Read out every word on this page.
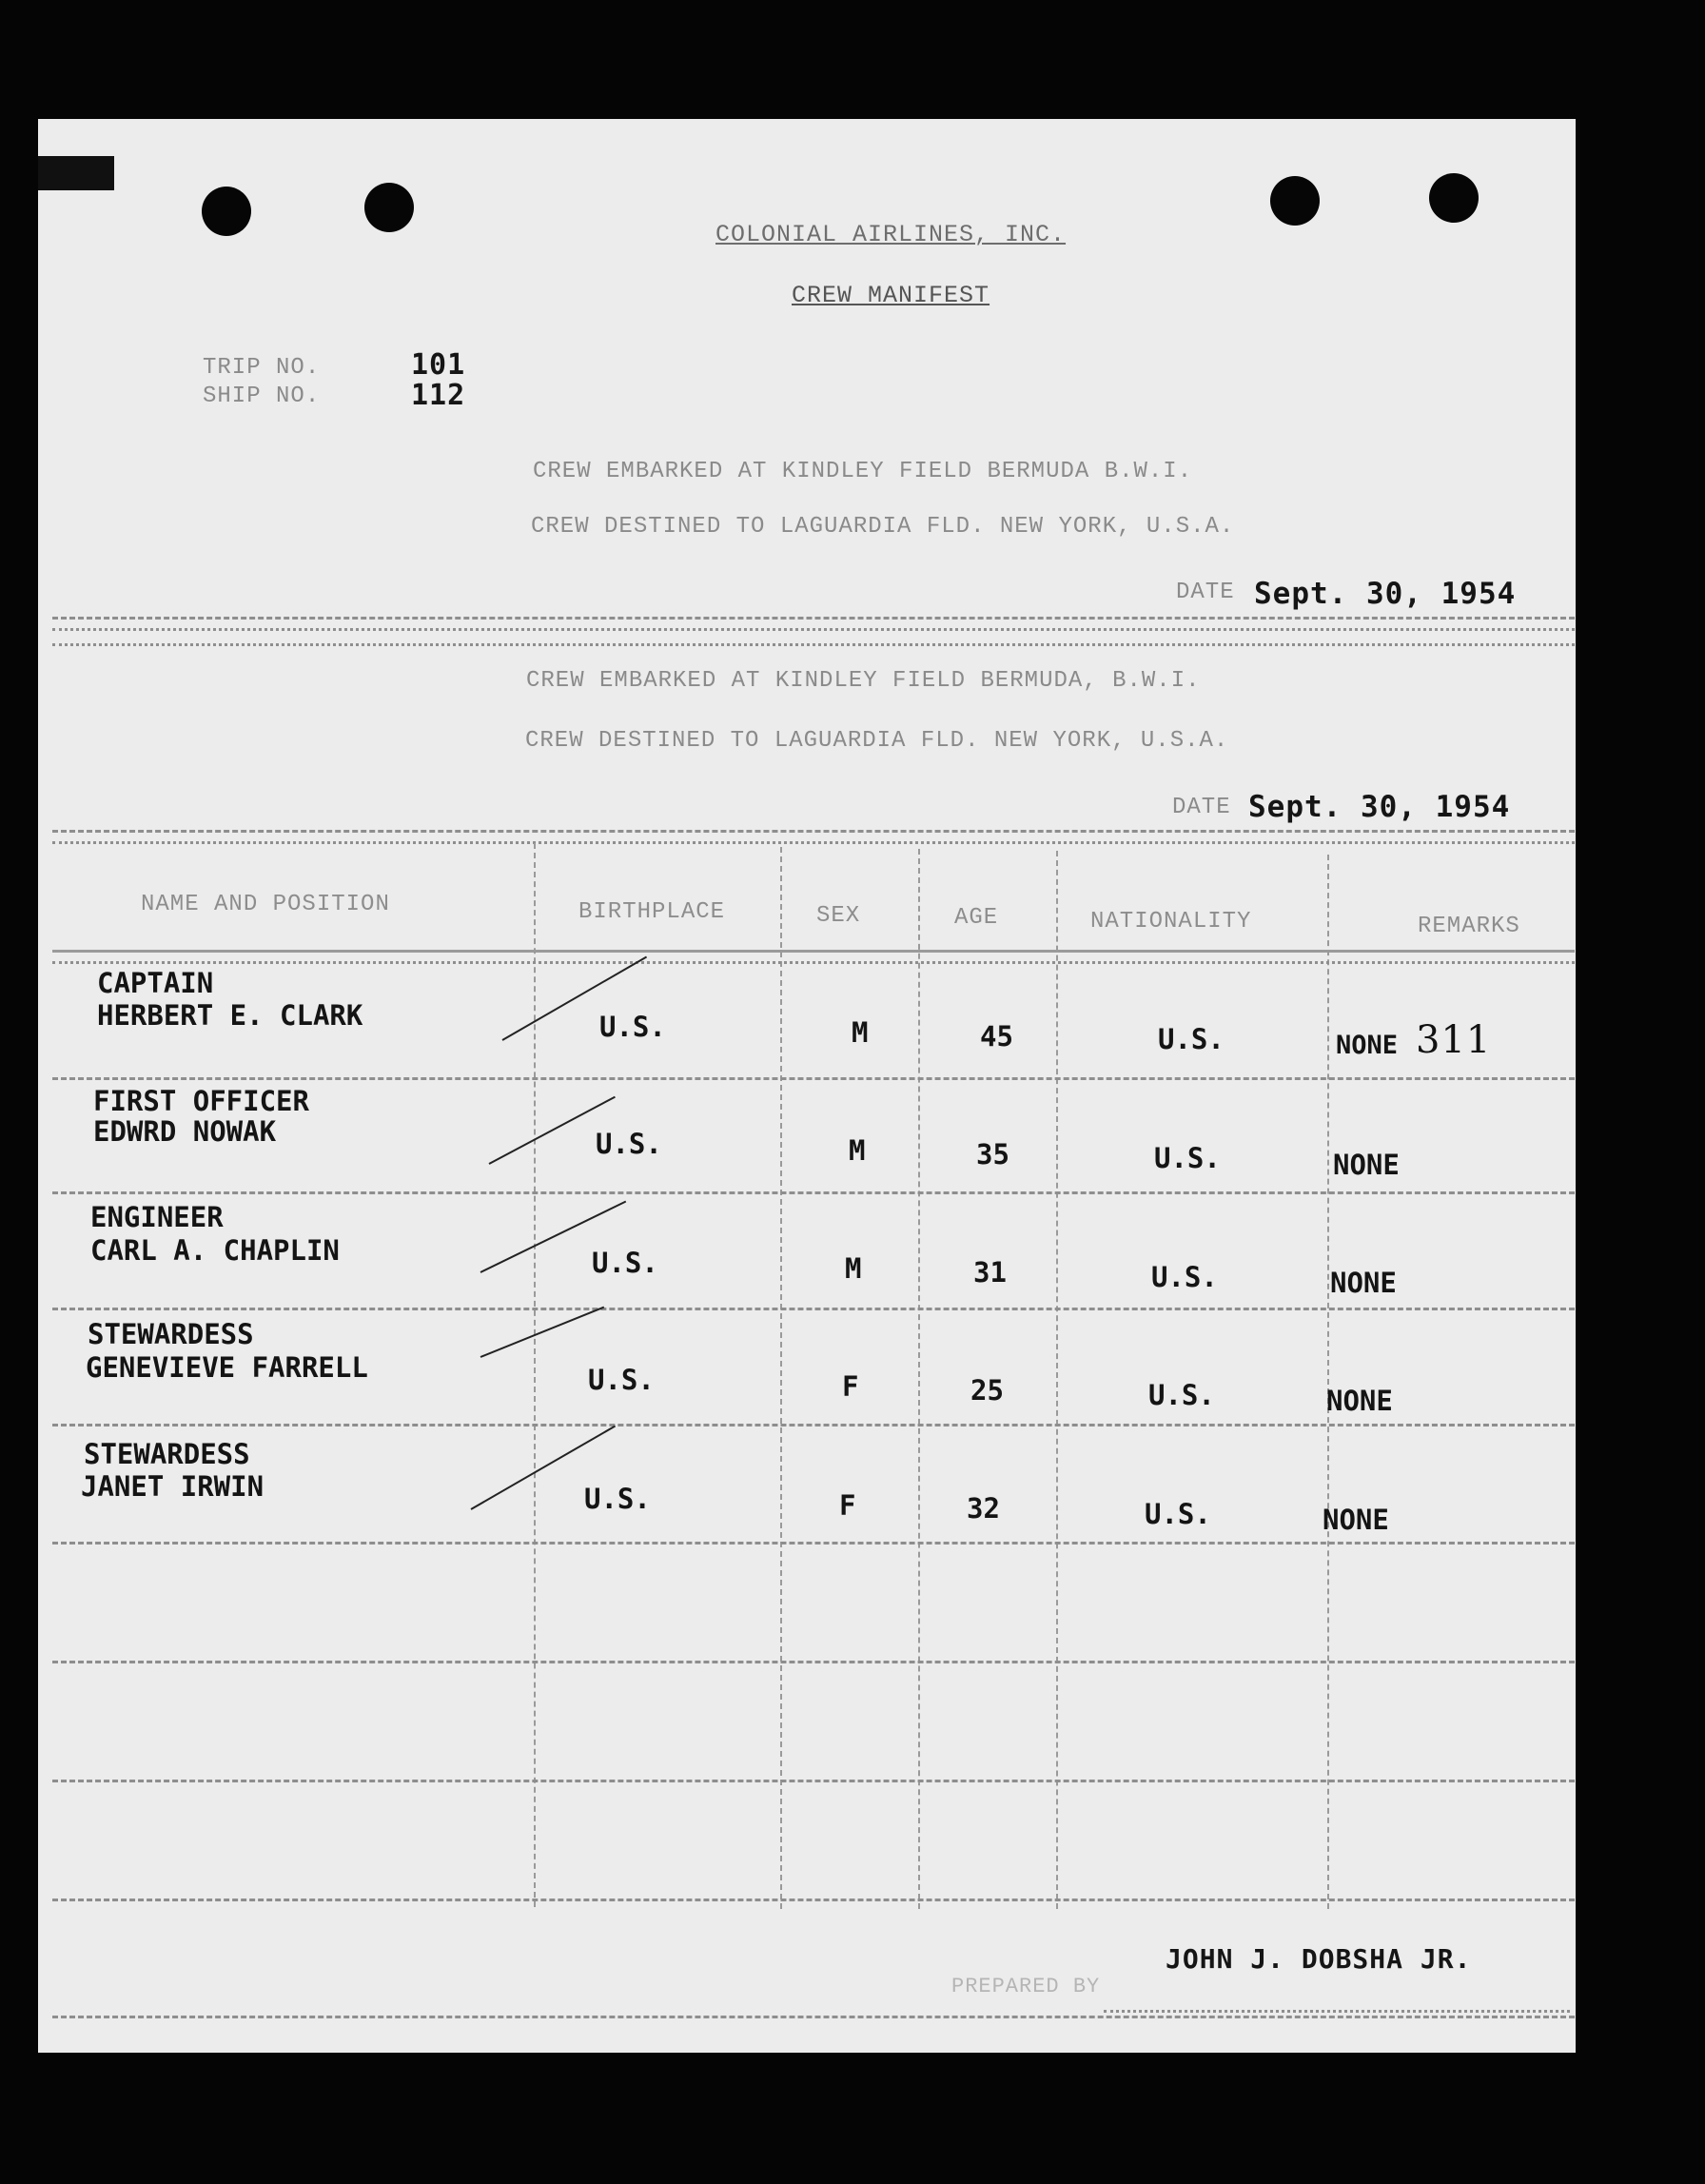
COLONIAL AIRLINES, INC.
CREW MANIFEST
TRIP NO.	101
SHIP NO.	112
CREW EMBARKED AT KINDLEY FIELD BERMUDA B.W.I.
CREW DESTINED TO LAGUARDIA FLD. NEW YORK, U.S.A.
DATE Sept. 30, 1954
CREW EMBARKED AT KINDLEY FIELD BERMUDA, B.W.I.
CREW DESTINED TO LAGUARDIA FLD. NEW YORK, U.S.A.
DATE Sept. 30, 1954
NAME AND POSITION	BIRTHPLACE	SEX	AGE	NATIONALITY	REMARKS
CAPTAIN
HERBERT E. CLARK	U.S.	M	45	U.S.	NONE 311
FIRST OFFICER
EDWRD NOWAK	U.S.	M	35	U.S.	NONE
ENGINEER
CARL A. CHAPLIN	U.S.	M	31	U.S.	NONE
STEWARDESS
GENEVIEVE FARRELL	U.S.	F	25	U.S.	NONE
STEWARDESS
JANET IRWIN	U.S.	F	32	U.S.	NONE
JOHN J. DOBSHA JR.
PREPARED BY
